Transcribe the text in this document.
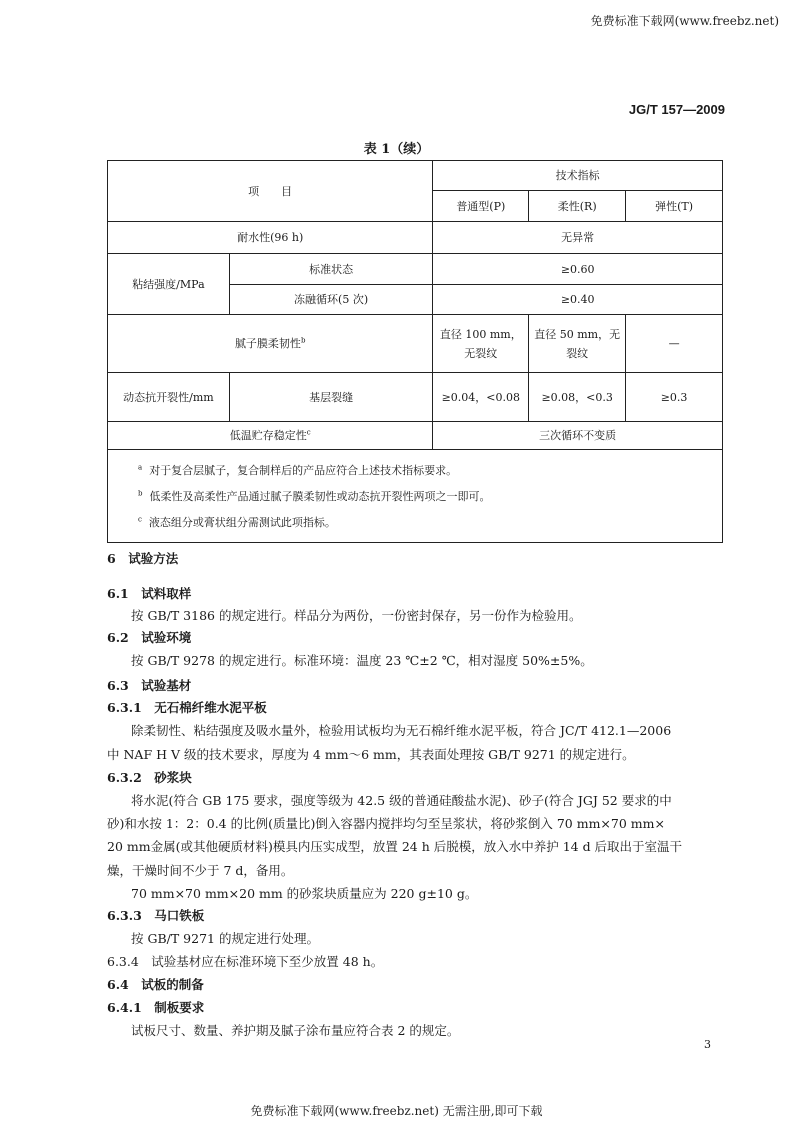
免费标准下载网(www.freebz.net)
JG/T 157—2009
表 1（续）
项　　目		技术指标		
		普通型(P)	柔性(R)	弹性(T)
耐水性(96 h)		无异常		
粘结强度/MPa	标准状态	≥0.60		
	冻融循环(5 次)	≥0.40		
腻子膜柔韧性$^b$		直径 100 mm，无裂纹	直径 50 mm，无裂纹	—
动态抗开裂性/mm	基层裂缝	≥0.04，<0.08	≥0.08，<0.3	≥0.3
低温贮存稳定性$^c$		三次循环不变质		

$^a$ 对于复合层腻子，复合制样后的产品应符合上述技术指标要求。
$^b$ 低柔性及高柔性产品通过腻子膜柔韧性或动态抗开裂性两项之一即可。
$^c$ 液态组分或膏状组分需测试此项指标。				
6　试验方法
6.1　试料取样
按 GB/T 3186 的规定进行。样品分为两份，一份密封保存，另一份作为检验用。
6.2　试验环境
按 GB/T 9278 的规定进行。标准环境：温度 23 ℃±2 ℃，相对湿度 50%±5%。
6.3　试验基材
6.3.1　无石棉纤维水泥平板
除柔韧性、粘结强度及吸水量外，检验用试板均为无石棉纤维水泥平板，符合 JC/T 412.1—2006
中 NAF H V 级的技术要求，厚度为 4 mm～6 mm，其表面处理按 GB/T 9271 的规定进行。
6.3.2　砂浆块
将水泥(符合 GB 175 要求，强度等级为 42.5 级的普通硅酸盐水泥)、砂子(符合 JGJ 52 要求的中
砂)和水按 1：2：0.4 的比例(质量比)倒入容器内搅拌均匀至呈浆状，将砂浆倒入 70 mm×70 mm×
20 mm金属(或其他硬质材料)模具内压实成型，放置 24 h 后脱模，放入水中养护 14 d 后取出于室温干
燥，干燥时间不少于 7 d，备用。
70 mm×70 mm×20 mm 的砂浆块质量应为 220 g±10 g。
6.3.3　马口铁板
按 GB/T 9271 的规定进行处理。
6.3.4　试验基材应在标准环境下至少放置 48 h。
6.4　试板的制备
6.4.1　制板要求
试板尺寸、数量、养护期及腻子涂布量应符合表 2 的规定。
3
免费标准下载网(www.freebz.net) 无需注册,即可下载
